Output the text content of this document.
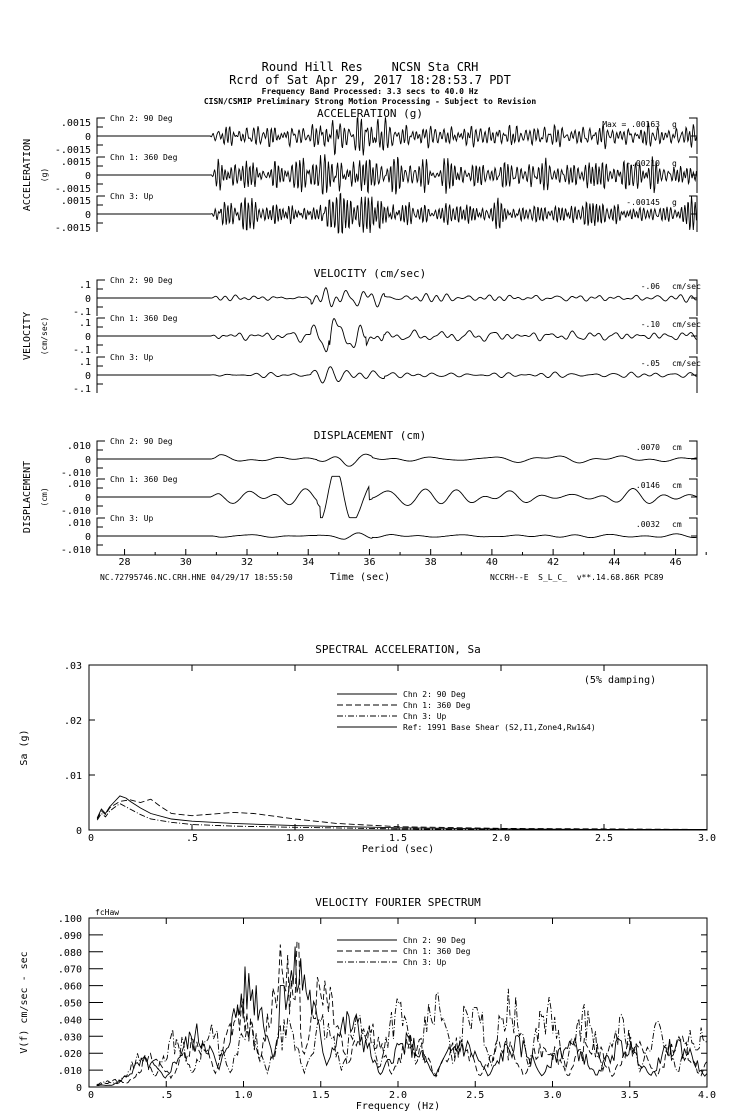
Round Hill Res    NCSN Sta CRH
Rcrd of Sat Apr 29, 2017 18:28:53.7 PDT
Frequency Band Processed: 3.3 secs to 40.0 Hz
CISN/CSMIP Preliminary Strong Motion Processing - Subject to Revision
ACCELERATION (g)
ACCELERATION (g)
.0015
0
-.0015
Chn 2: 90 Deg
Max = .00163 g
.0015
0
-.0015
Chn 1: 360 Deg
-.00210 g
.0015
0
-.0015
Chn 3: Up
-.00145 g
VELOCITY (cm/sec)
VELOCITY (cm/sec)
.1
0
-.1
Chn 2: 90 Deg
-.06 cm/sec
.1
0
-.1
Chn 1: 360 Deg
-.10 cm/sec
.1
0
-.1
Chn 3: Up
-.05 cm/sec
DISPLACEMENT (cm)
DISPLACEMENT (cm)
.010
0
-.010
Chn 2: 90 Deg
.0070 cm
.010
0
-.010
Chn 1: 360 Deg
.0146 cm
.010
0
-.010
Chn 3: Up
.0032 cm
28	30	32	34	36	38	40	42	44	46
Time (sec)
NC.72795746.NC.CRH.HNE 04/29/17 18:55:50	NCCRH--E  S_L_C_  v**.14.68.86R PC89
SPECTRAL ACCELERATION, Sa
Period (sec)
Sa (g)
.5	1.0	1.5	2.0	2.5	3.0
0
.03
.02
.01
0
(5% damping)
Chn 2: 90 Deg
Chn 1: 360 Deg
Chn 3: Up
Ref: 1991 Base Shear (S2,I1,Zone4,Rw1&4)
VELOCITY FOURIER SPECTRUM
Frequency (Hz)
V(f) cm/sec - sec
.5	1.0	1.5	2.0	2.5	3.0	3.5	4.0
0
.100
.090
.080
.070
.060
.050
.040
.030
.020
.010
0
fcHaw
Chn 2: 90 Deg
Chn 1: 360 Deg
Chn 3: Up
